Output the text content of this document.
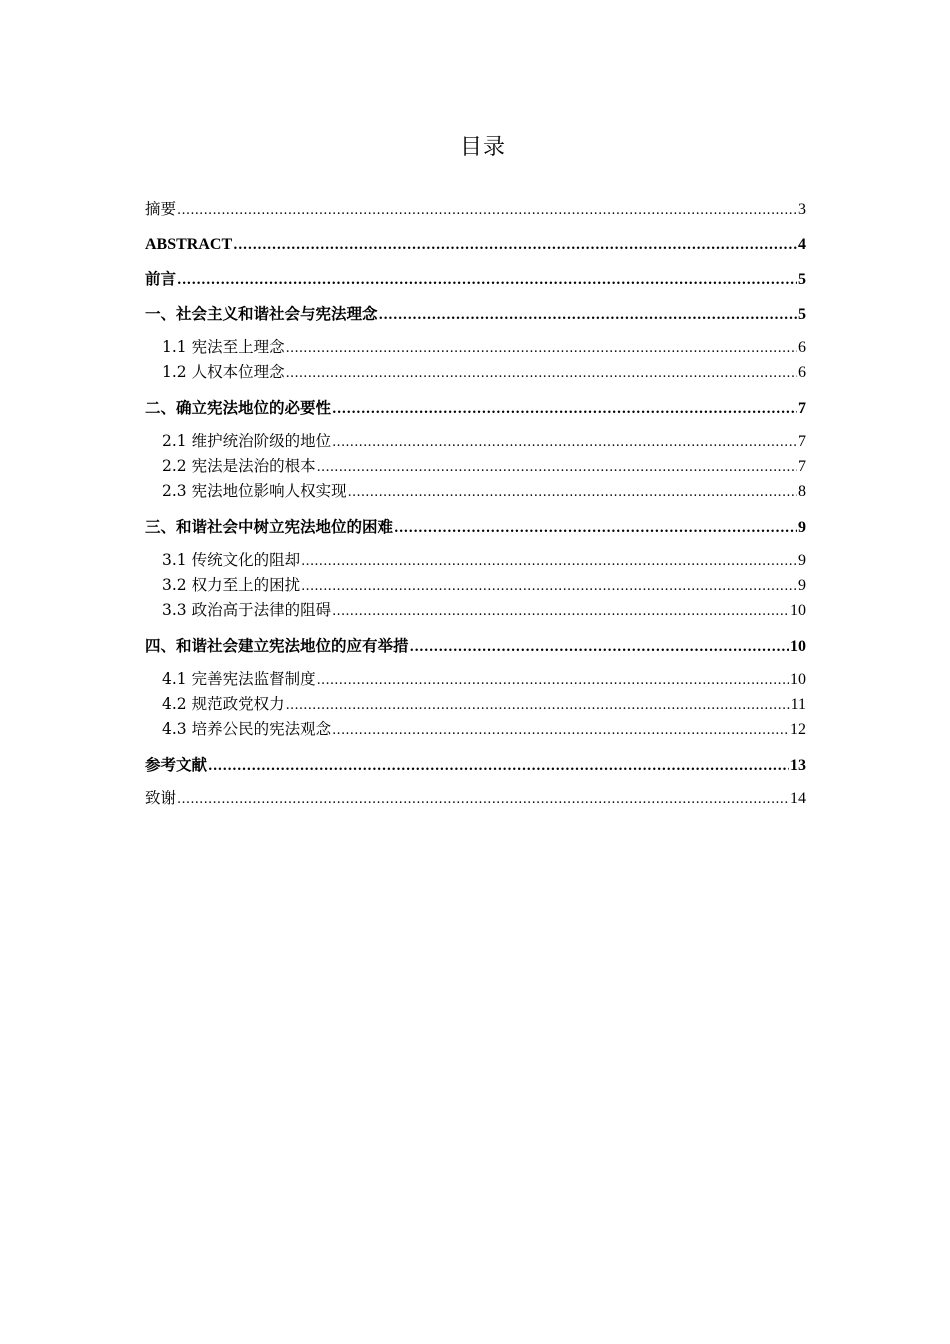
目录
摘要 .....	3
ABSTRACT .....	4
前言 .....	5
一、社会主义和谐社会与宪法理念 .....	5
1.1 宪法至上理念 .....	6
1.2 人权本位理念 .....	6
二、确立宪法地位的必要性 .....	7
2.1 维护统治阶级的地位 .....	7
2.2 宪法是法治的根本 .....	7
2.3 宪法地位影响人权实现 .....	8
三、和谐社会中树立宪法地位的困难 .....	9
3.1 传统文化的阻却 .....	9
3.2 权力至上的困扰 .....	9
3.3 政治高于法律的阻碍 .....	10
四、和谐社会建立宪法地位的应有举措 .....	10
4.1 完善宪法监督制度 .....	10
4.2 规范政党权力 .....	11
4.3 培养公民的宪法观念 .....	12
参考文献 .....	13
致谢 .....	14
